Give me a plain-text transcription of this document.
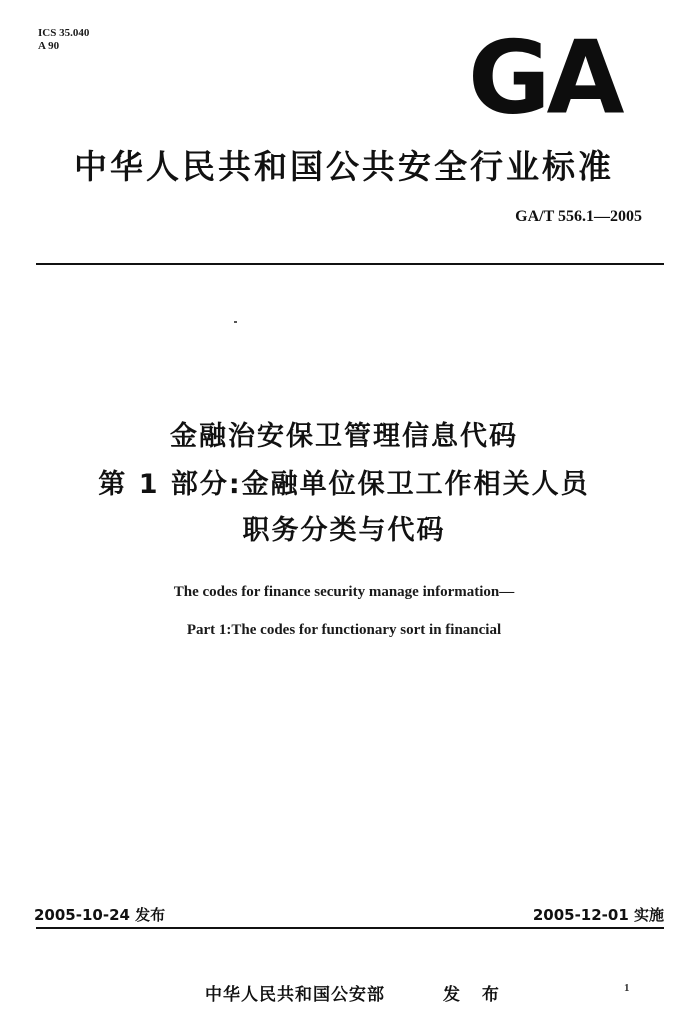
ICS 35.040
A 90	GA
中华人民共和国公共安全行业标准
GA/T 556.1—2005
金融治安保卫管理信息代码
第 1 部分:金融单位保卫工作相关人员
职务分类与代码
The codes for finance security manage information—
Part 1:The codes for functionary sort in financial
2005-10-24 发布	2005-12-01 实施
中华人民共和国公安部	发 布	1
